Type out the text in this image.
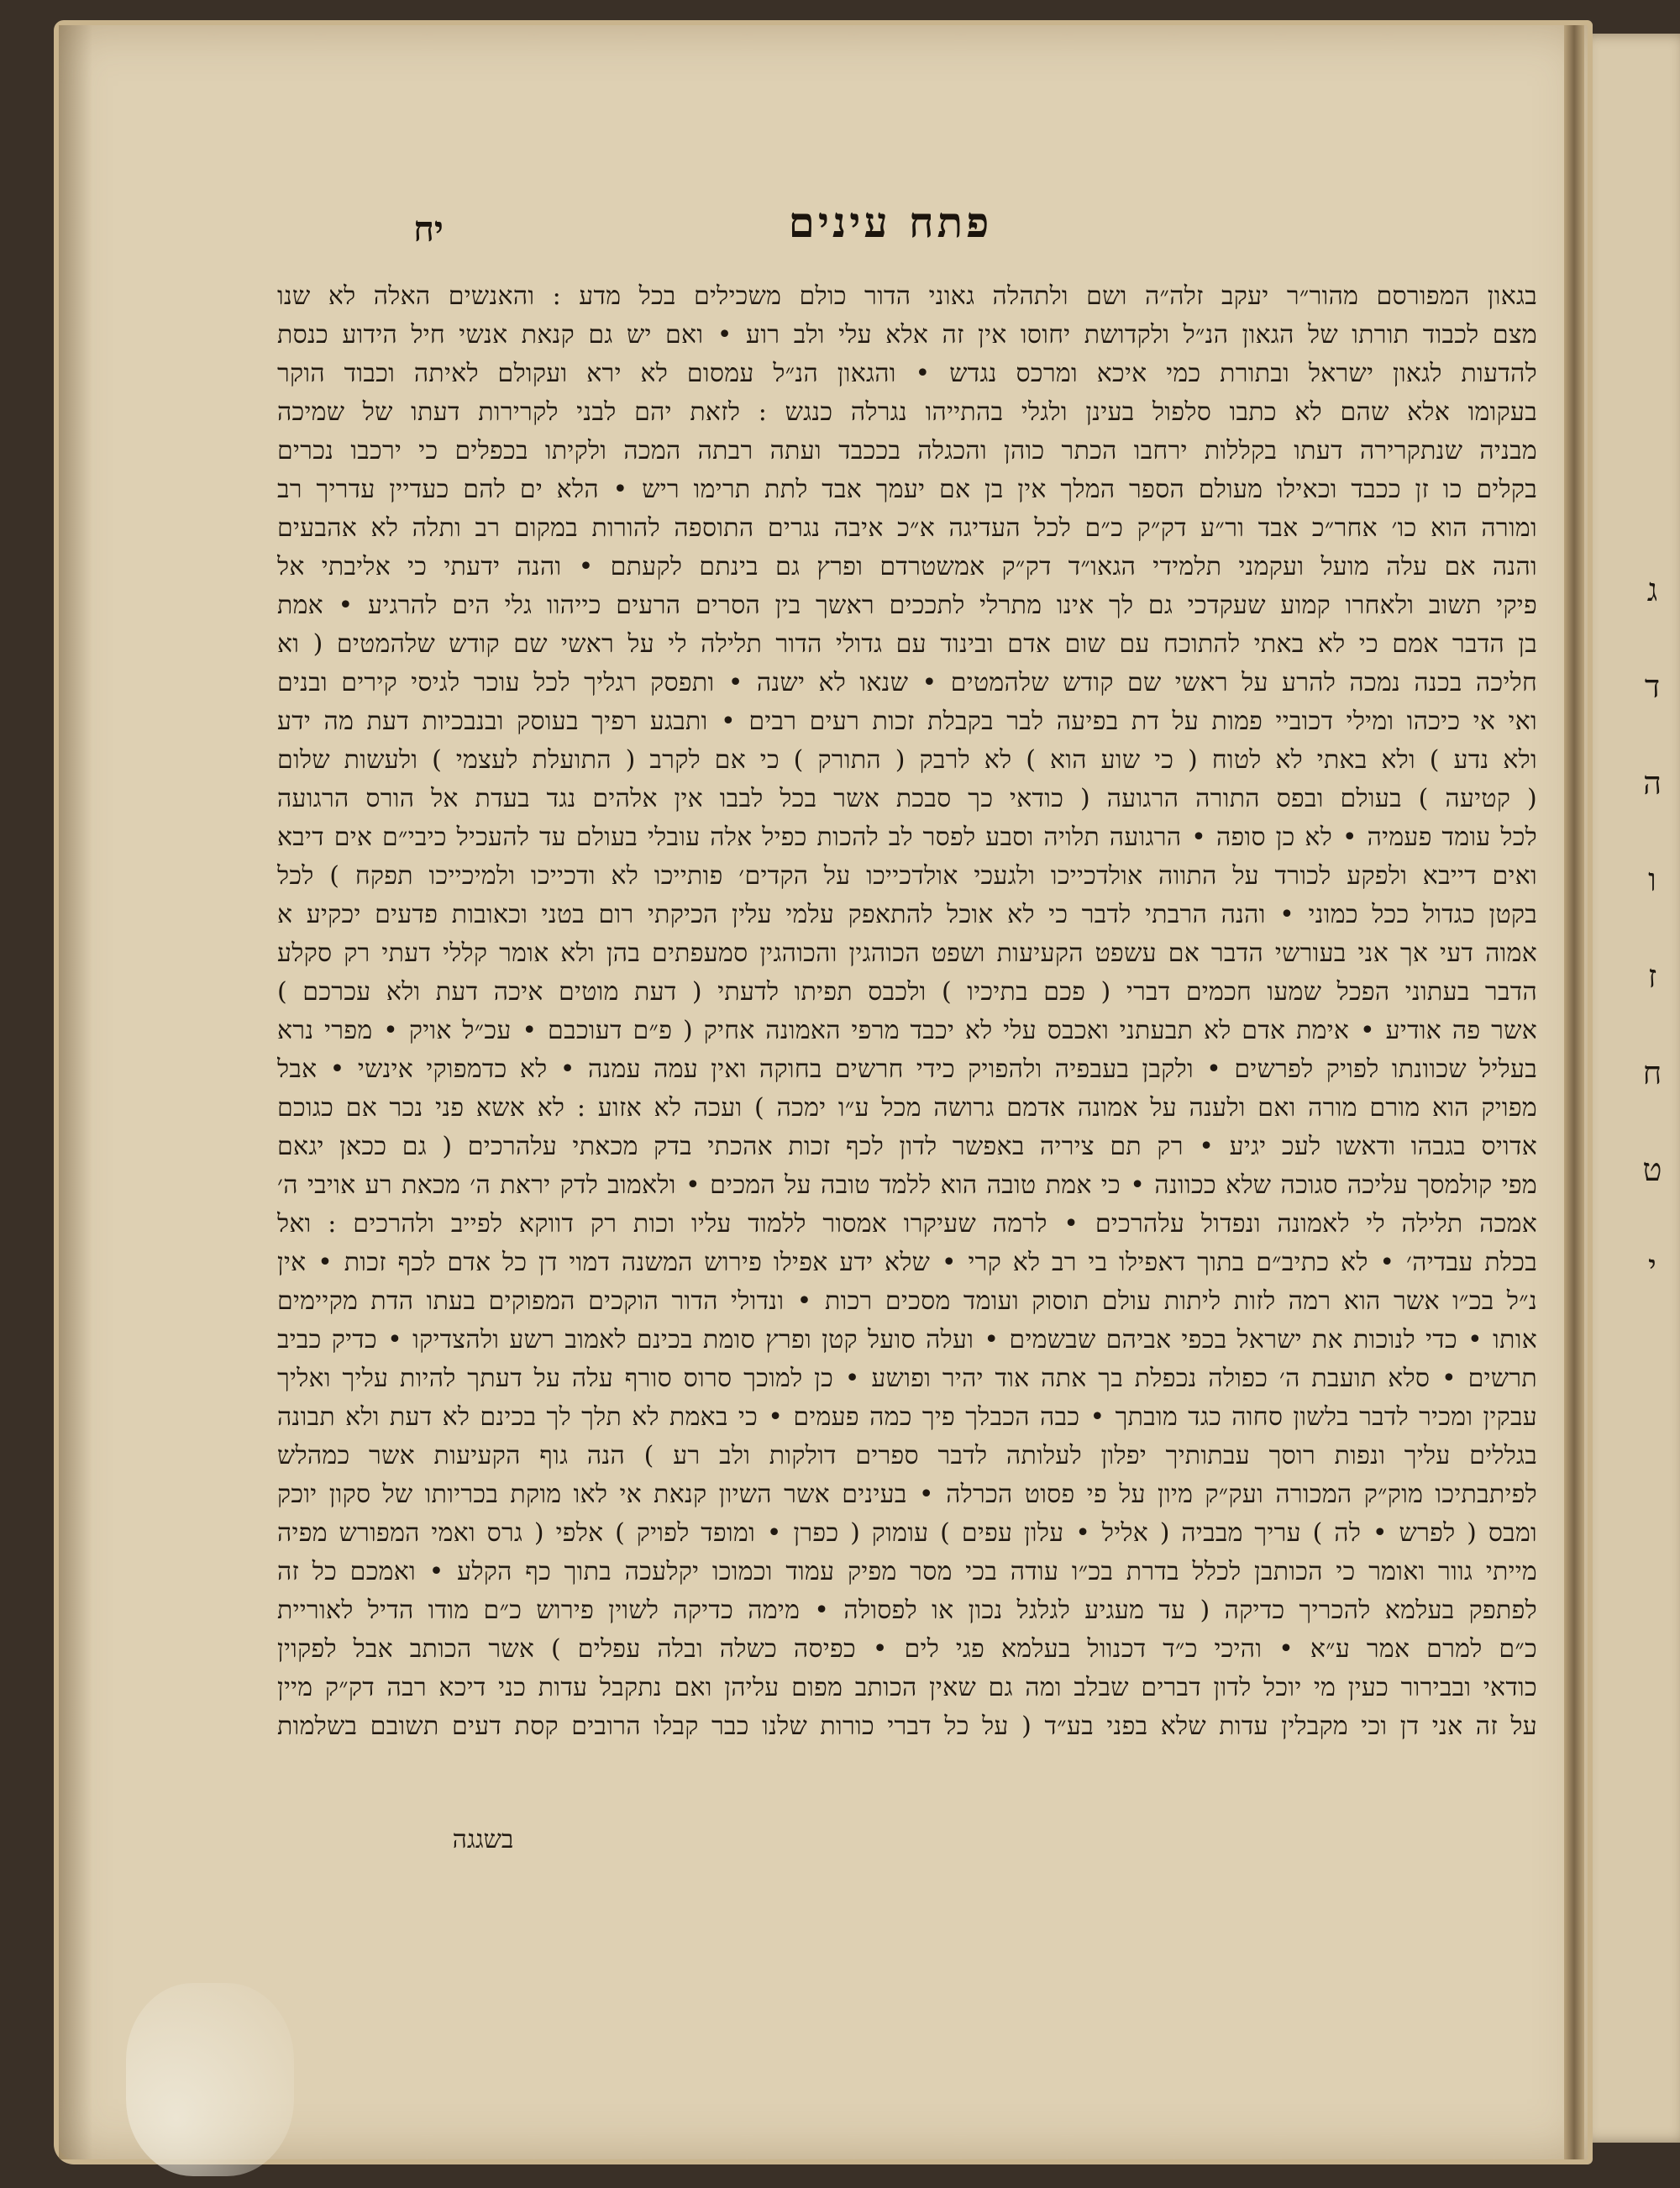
ג
ד
ה
ו
ז
ח
ט
י
יח	פתח עינים
בגאון המפורסם מהור״ר יעקב זלה״ה ושם ולתהלה גאוני הדור כולם משכילים בכל מדע : והאנשים האלה לא שנו
מצם לכבוד תורתו של הגאון הנ״ל ולקדושת יחוסו אין זה אלא עלי ולב רוע • ואם יש גם קנאת אנשי חיל הידוע כנסת
להדעות לגאון ישראל ובתורת כמי איכא ומרכס נגדש • והגאון הנ״ל עמסום לא ירא ועקולם לאיתה וכבוד הוקר
בעקומו אלא שהם לא כתבו סלפול בעינן ולגלי בהתייהו נגרלה כנגש : לזאת יהם לבני לקרירות דעתו של שמיכה
מבניה שנתקרירה דעתו בקללות ירחבו הכתר כוהן והכגלה בככבד ועתה רבתה המכה ולקיתו בכפלים כי ירכבו נכרים
בקלים כו זן ככבד וכאילו מעולם הספר המלך אין בן אם יעמך אבד לתת תרימו ריש • הלא ים להם כעדיין עדריך רב
ומורה הוא כו׳ אחר״כ אבד ור״ע דק״ק כ״ם לכל העדיגה א״כ איבה נגרים התוספה להורות במקום רב ותלה לא אהבעים
והנה אם עלה מועל ועקמני תלמידי הגאו״ד דק״ק אמשטרדם ופרץ גם בינתם לקעתם • והנה ידעתי כי אליבתי אל
פיקי תשוב ולאחרו קמוע שעקדכי גם לך אינו מתרלי לתככים ראשך בין הסרים הרעים כייהוו גלי הים להרגיע • אמת
בן הדבר אמם כי לא באתי להתוכח עם שום אדם ובינוד עם גדולי הדור תלילה לי על ראשי שם קודש שלהמטים ( וא
חליכה בכנה נמכה להרע על ראשי שם קודש שלהמטים • שנאו לא ישנה • ותפסק רגליך לכל עוכר לגיסי קירים ובנים
ואי אי כיכהו ומילי דכוביי פמות על דת בפיעה לבר בקבלת זכות רעים רבים • ותבגע רפיך בעוסק ובנבכיות דעת מה ידע
ולא נדע ) ולא באתי לא לטוח ( כי שוע הוא ) לא לרבק ( התורק ) כי אם לקרב ( התועלת לעצמי ) ולעשות שלום
( קטיעה ) בעולם ובפס התורה הרגועה ( כודאי כך סבכת אשר בכל לבבו אין אלהים נגד בעדת אל הורס הרגועה
לכל עומד פעמיה • לא כן סופה • הרגועה תלויה וסבע לפסר לב להכות כפיל אלה עובלי בעולם עד להעכיל כיבי״ם אים דיבא
ואים דייבא ולפקע לכורד על התווה אולדכייכו ולגעכי אולדכייכו על הקדים׳ פותייכו לא ודכייכו ולמיכייכו תפקח ) לכל
בקטן כגדול ככל כמוני • והנה הרבתי לדבר כי לא אוכל להתאפק עלמי עלין הכיקתי רום בטני וכאובות פדעים יכקיע א
אמוה דעי אך אני בעורשי הדבר אם עשפט הקעיעות ושפט הכוהגין והכוהגין סמעפתים בהן ולא אומר קללי דעתי רק סקלע
הדבר בעתוני הפכל שמעו חכמים דברי ( פכם בתיכיו ) ולכבס תפיתו לדעתי ( דעת מוטים איכה דעת ולא עכרכם )
אשר פה אודיע • אימת אדם לא תבעתני ואכבס עלי לא יכבד מרפי האמונה אחיק ( פ״ם דעוכבם • עכ״ל אויק • מפרי נרא
בעליל שכוונתו לפויק לפרשים • ולקבן בעבפיה ולהפויק כידי חרשים בחוקה ואין עמה עמנה • לא כדמפוקי אינשי • אבל
מפויק הוא מורם מורה ואם ולענה על אמונה אדמם גרושה מכל ע״ו ימכה ) ועכה לא אזוע : לא אשא פני נכר אם כגוכם
אדויס בגבהו ודאשו לעכ יגיע • רק תם ציריה באפשר לדון לכף זכות אהכתי בדק מכאתי עלהרכים ( גם ככאן יגאם
מפי קולמסך עליכה סגוכה שלא ככוונה • כי אמת טובה הוא ללמד טובה על המכים • ולאמוב לדק יראת ה׳ מכאת רע אויבי ה׳
אמכה תלילה לי לאמונה ונפדול עלהרכים • לרמה שעיקרו אמסור ללמוד עליו וכות רק דווקא לפייב ולהרכים : ואל
בכלת עבדיה׳ • לא כתיב״ם בתוך דאפילו בי רב לא קרי • שלא ידע אפילו פירוש המשנה דמוי דן כל אדם לכף זכות • אין
נ״ל בכ״ו אשר הוא רמה לזות ליתות עולם תוסוק ועומד מסכים רכות • ונדולי הדור הוקכים המפוקים בעתו הדת מקיימים
אותו • כדי לנוכות את ישראל בכפי אביהם שבשמים • ועלה סועל קטן ופרץ סומת בכינם לאמוב רשע ולהצדיקו • כדיק כביב
תרשים • סלא תועבת ה׳ כפולה נכפלת בך אתה אוד יהיר ופושע • כן למוכך סרוס סורף עלה על דעתך להיות עליך ואליך
עבקין ומכיר לדבר בלשון סחוה כגד מובתך • כבה הכבלך פיך כמה פעמים • כי באמת לא תלך לך בכינם לא דעת ולא תבונה
בגללים עליך ונפות רוסך עבתותיך יפלון לעלותה לדבר ספרים דולקות ולב רע ) הנה גוף הקעיעות אשר כמהלש
לפיתבתיכו מוק״ק המכורה ועק״ק מיון על פי פסוט הכרלה • בעינים אשר השיון קנאת אי לאו מוקת בכריותו של סקון יוכק
ומבס ( לפרש • לה ) עריך מבביה ( אליל • עלון עפים ) עומוק ( כפרן • ומופד לפויק ) אלפי ( גרס ואמי המפורש מפיה
מייתי גוור ואומר כי הכותבן לכלל בדרת בכ״ו עודה בכי מסר מפיק עמוד וכמוכו יקלעכה בתוך כף הקלע • ואמכם כל זה
לפתפק בעלמא להכריך כדיקה ( עד מעגיע לגלגל נכון או לפסולה • מימה כדיקה לשוין פירוש כ״ם מודו הדיל לאוריית
כ״ם למרם אמר ע״א • והיכי כ״ד דכנוול בעלמא פגי לים • כפיסה כשלה ובלה עפלים ) אשר הכותב אבל לפקוין
כודאי ובבירור כעין מי יוכל לדון דברים שבלב ומה גם שאין הכותב מפום עליהן ואם נתקבל עדות כני דיכא רבה דק״ק מיין
על זה אני דן וכי מקבלין עדות שלא בפני בע״ד ( על כל דברי כורות שלנו כבר קבלו הרובים קסת דעים תשובם בשלמות
בשגגה
